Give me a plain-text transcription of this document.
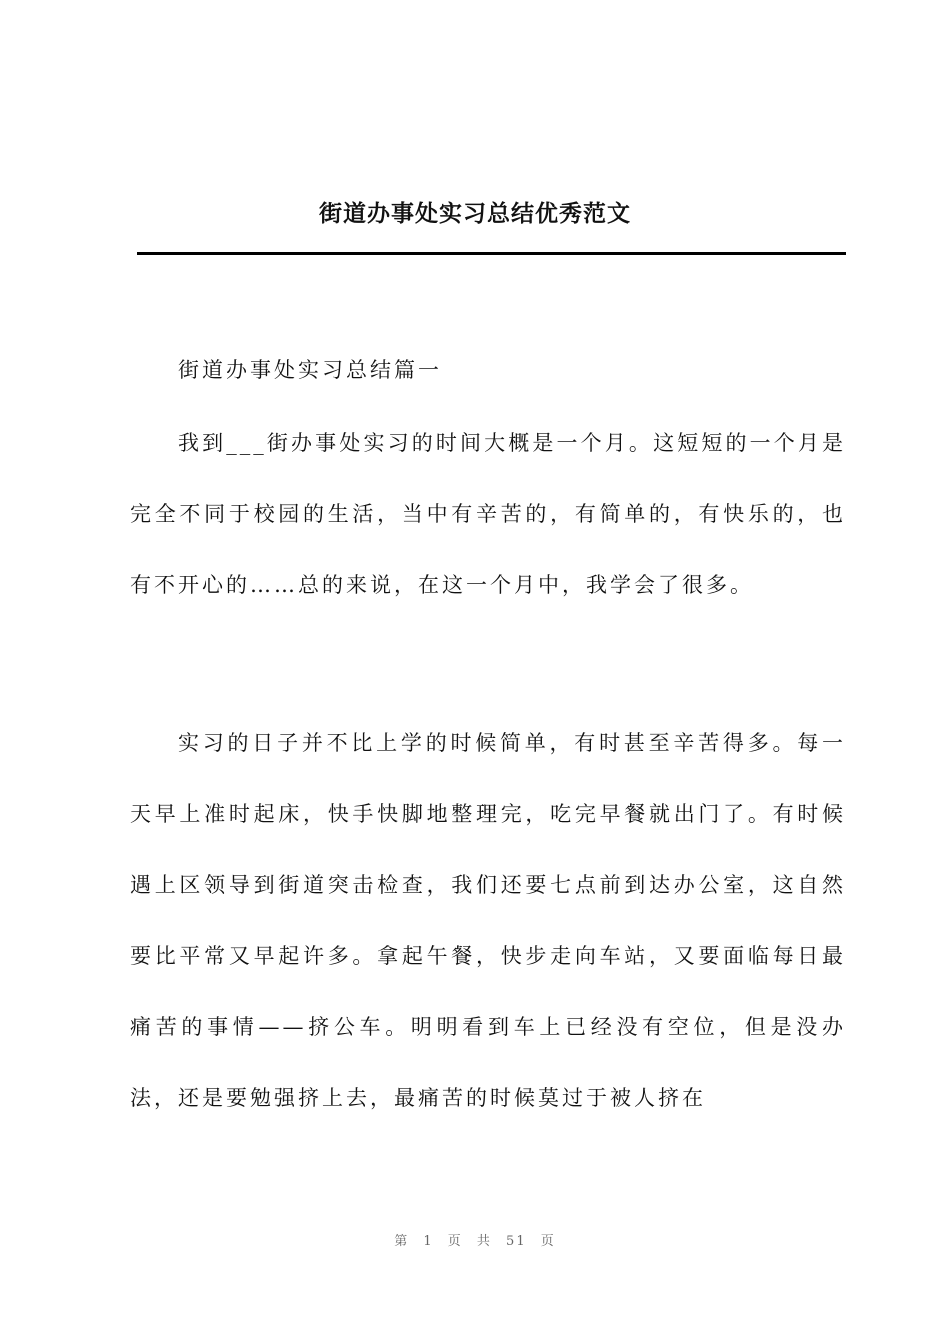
街道办事处实习总结优秀范文

街道办事处实习总结篇一

我到___街办事处实习的时间大概是一个月。这短短的一个月是完全不同于校园的生活，当中有辛苦的，有简单的，有快乐的，也有不开心的……总的来说，在这一个月中，我学会了很多。

实习的日子并不比上学的时候简单，有时甚至辛苦得多。每一天早上准时起床，快手快脚地整理完，吃完早餐就出门了。有时候遇上区领导到街道突击检查，我们还要七点前到达办公室，这自然要比平常又早起许多。拿起午餐，快步走向车站，又要面临每日最痛苦的事情——挤公车。明明看到车上已经没有空位，但是没办法，还是要勉强挤上去，最痛苦的时候莫过于被人挤在

第 1 页 共 51 页
